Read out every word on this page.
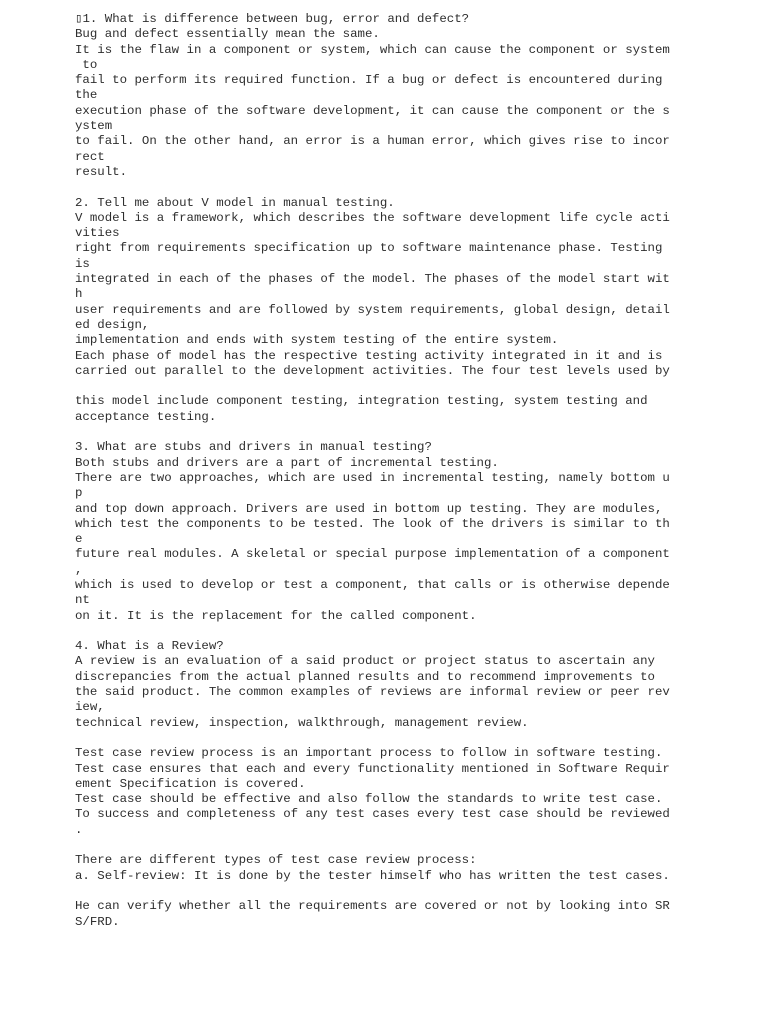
▯1. What is difference between bug, error and defect?
Bug and defect essentially mean the same.
It is the flaw in a component or system, which can cause the component or system
to
fail to perform its required function. If a bug or defect is encountered during
the
execution phase of the software development, it can cause the component or the s
ystem
to fail. On the other hand, an error is a human error, which gives rise to incor
rect
result.
2. Tell me about V model in manual testing.
V model is a framework, which describes the software development life cycle acti
vities
right from requirements specification up to software maintenance phase. Testing
is
integrated in each of the phases of the model. The phases of the model start wit
h
user requirements and are followed by system requirements, global design, detail
ed design,
implementation and ends with system testing of the entire system.
Each phase of model has the respective testing activity integrated in it and is
carried out parallel to the development activities. The four test levels used by
this model include component testing, integration testing, system testing and
acceptance testing.
3. What are stubs and drivers in manual testing?
Both stubs and drivers are a part of incremental testing.
There are two approaches, which are used in incremental testing, namely bottom u
p
and top down approach. Drivers are used in bottom up testing. They are modules,
which test the components to be tested. The look of the drivers is similar to th
e
future real modules. A skeletal or special purpose implementation of a component
,
which is used to develop or test a component, that calls or is otherwise depende
nt
on it. It is the replacement for the called component.
4. What is a Review?
A review is an evaluation of a said product or project status to ascertain any
discrepancies from the actual planned results and to recommend improvements to
the said product. The common examples of reviews are informal review or peer rev
iew,
technical review, inspection, walkthrough, management review.
Test case review process is an important process to follow in software testing.
Test case ensures that each and every functionality mentioned in Software Requir
ement Specification is covered.
Test case should be effective and also follow the standards to write test case.
To success and completeness of any test cases every test case should be reviewed
.
There are different types of test case review process:
a. Self-review: It is done by the tester himself who has written the test cases.
He can verify whether all the requirements are covered or not by looking into SR
S/FRD.
